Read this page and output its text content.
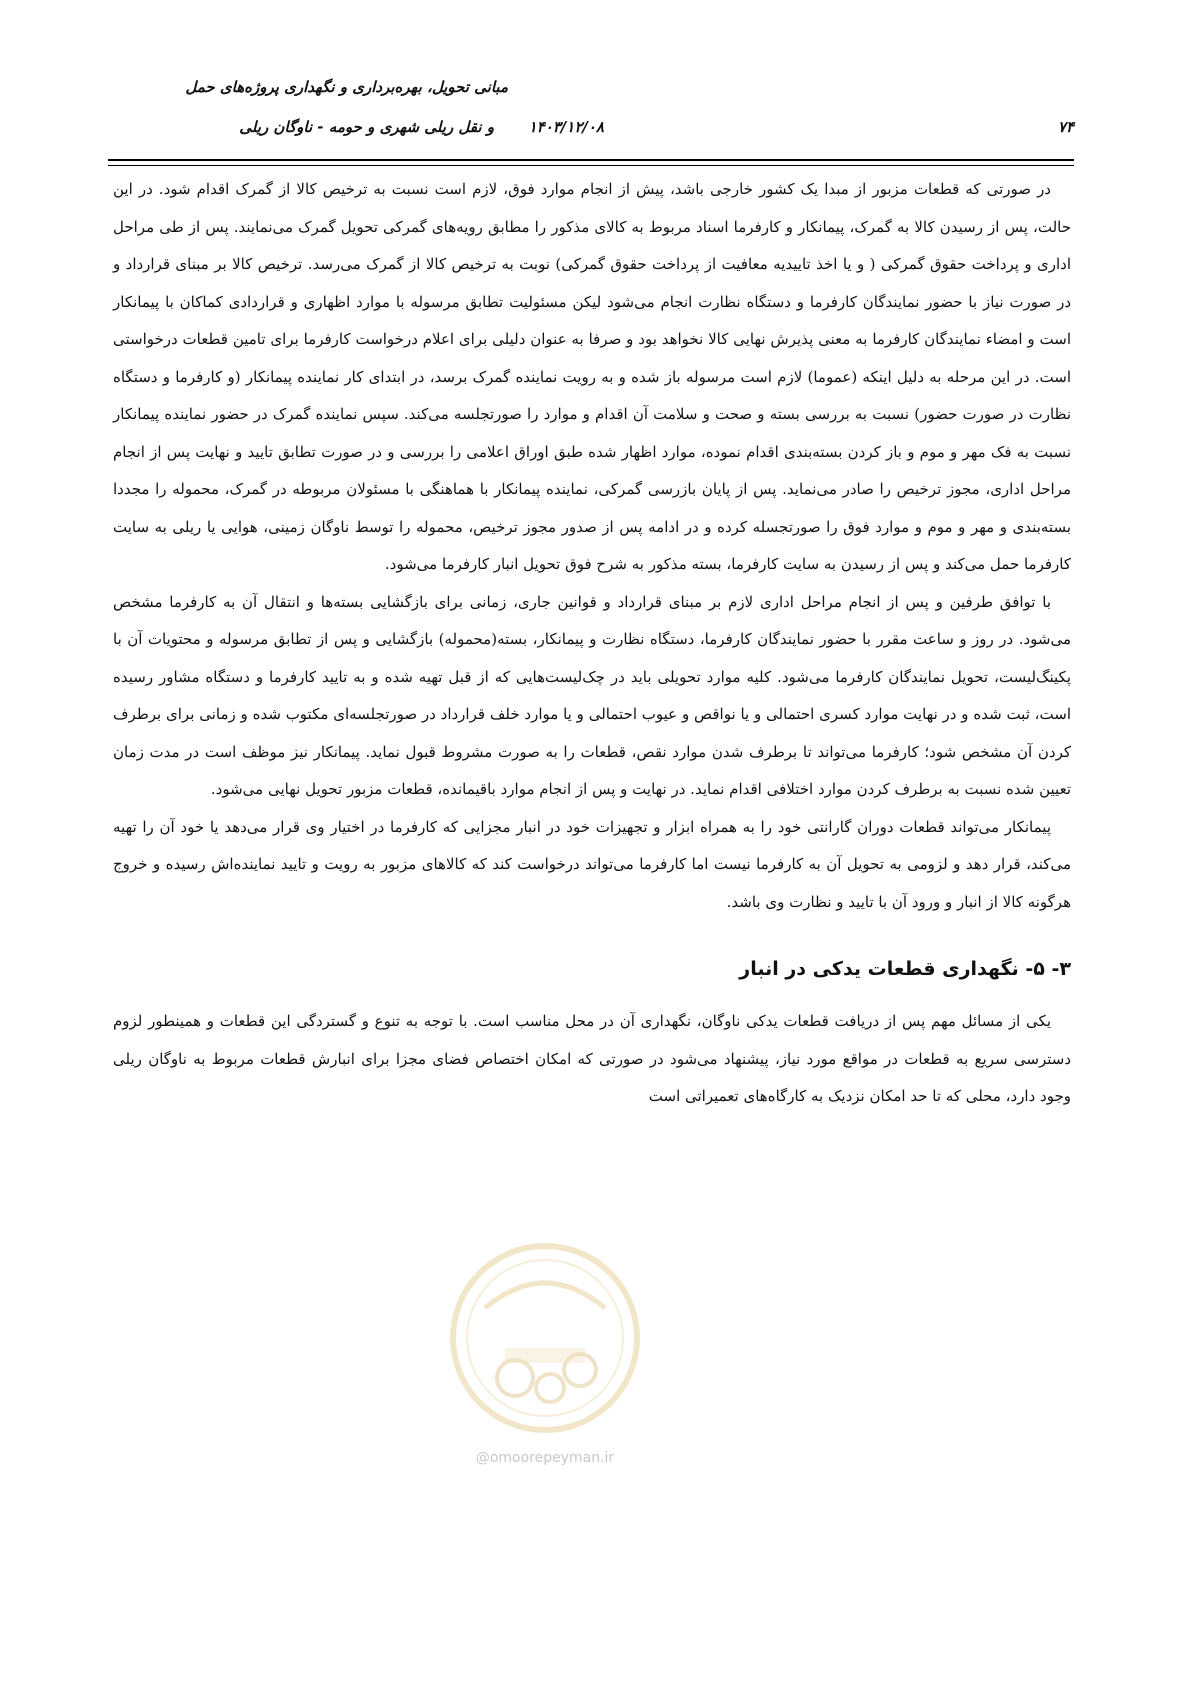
مبانی تحویل، بهره‌برداری و نگهداری پروژه‌های حمل
و نقل ریلی شهری و حومه - ناوگان ریلی ۱۴۰۳/۱۲/۰۸	۷۴

در صورتی که قطعات مزبور از مبدا یک کشور خارجی باشد، پیش از انجام موارد فوق، لازم است نسبت به ترخیص کالا از گمرک اقدام شود. در این حالت، پس از رسیدن کالا به گمرک، پیمانکار و کارفرما اسناد مربوط به کالای مذکور را مطابق رویه‌های گمرکی تحویل گمرک می‌نمایند. پس از طی مراحل اداری و پرداخت حقوق گمرکی ( و یا اخذ تاییدیه معافیت از پرداخت حقوق گمرکی) نوبت به ترخیص کالا از گمرک می‌رسد. ترخیص کالا بر مبنای قرارداد و در صورت نیاز با حضور نمایندگان کارفرما و دستگاه نظارت انجام می‌شود لیکن مسئولیت تطابق مرسوله با موارد اظهاری و قراردادی کماکان با پیمانکار است و امضاء نمایندگان کارفرما به معنی پذیرش نهایی کالا نخواهد بود و صرفا به عنوان دلیلی برای اعلام درخواست کارفرما برای تامین قطعات درخواستی است. در این مرحله به دلیل اینکه (عموما) لازم است مرسوله باز شده و به رویت نماینده گمرک برسد، در ابتدای کار نماینده پیمانکار (و کارفرما و دستگاه نظارت در صورت حضور) نسبت به بررسی بسته و صحت و سلامت آن اقدام و موارد را صورتجلسه می‌کند. سپس نماینده گمرک در حضور نماینده پیمانکار نسبت به فک مهر و موم و باز کردن بسته‌بندی اقدام نموده، موارد اظهار شده طبق اوراق اعلامی را بررسی و در صورت تطابق تایید و نهایت پس از انجام مراحل اداری، مجوز ترخیص را صادر می‌نماید. پس از پایان بازرسی گمرکی، نماینده پیمانکار با هماهنگی با مسئولان مربوطه در گمرک، محموله را مجددا بسته‌بندی و مهر و موم و موارد فوق را صورتجسله کرده و در ادامه پس از صدور مجوز ترخیص، محموله را توسط ناوگان زمینی، هوایی یا ریلی به سایت کارفرما حمل می‌کند و پس از رسیدن به سایت کارفرما، بسته مذکور به شرح فوق تحویل انبار کارفرما می‌شود.

با توافق طرفین و پس از انجام مراحل اداری لازم بر مبنای قرارداد و قوانین جاری، زمانی برای بازگشایی بسته‌ها و انتقال آن به کارفرما مشخص می‌شود. در روز و ساعت مقرر با حضور نمایندگان کارفرما، دستگاه نظارت و پیمانکار، بسته(محموله) بازگشایی و پس از تطابق مرسوله و محتویات آن با پکینگ‌لیست، تحویل نمایندگان کارفرما می‌شود. کلیه موارد تحویلی باید در چک‌لیست‌هایی که از قبل تهیه شده و به تایید کارفرما و دستگاه مشاور رسیده است، ثبت شده و در نهایت موارد کسری احتمالی و یا نواقص و عیوب احتمالی و یا موارد خلف قرارداد در صورتجلسه‌ای مکتوب شده و زمانی برای برطرف کردن آن مشخص شود؛ کارفرما می‌تواند تا برطرف شدن موارد نقص، قطعات را به صورت مشروط قبول نماید. پیمانکار نیز موظف است در مدت زمان تعیین شده نسبت به برطرف کردن موارد اختلافی اقدام نماید. در نهایت و پس از انجام موارد باقیمانده، قطعات مزبور تحویل نهایی می‌شود.

پیمانکار می‌تواند قطعات دوران گارانتی خود را به همراه ابزار و تجهیزات خود در انبار مجزایی که کارفرما در اختیار وی قرار می‌دهد یا خود آن را تهیه می‌کند، قرار دهد و لزومی به تحویل آن به کارفرما نیست اما کارفرما می‌تواند درخواست کند که کالاهای مزبور به رویت و تایید نماینده‌اش رسیده و خروج هرگونه کالا از انبار و ورود آن با تایید و نظارت وی باشد.

۳- ۵- نگهداری قطعات یدکی در انبار

یکی از مسائل مهم پس از دریافت قطعات یدکی ناوگان، نگهداری آن در محل مناسب است. با توجه به تنوع و گستردگی این قطعات و همینطور لزوم دسترسی سریع به قطعات در مواقع مورد نیاز، پیشنهاد می‌شود در صورتی که امکان اختصاص فضای مجزا برای انبارش قطعات مربوط به ناوگان ریلی وجود دارد، محلی که تا حد امکان نزدیک به کارگاه‌های تعمیراتی است

@omoorepeyman.ir
